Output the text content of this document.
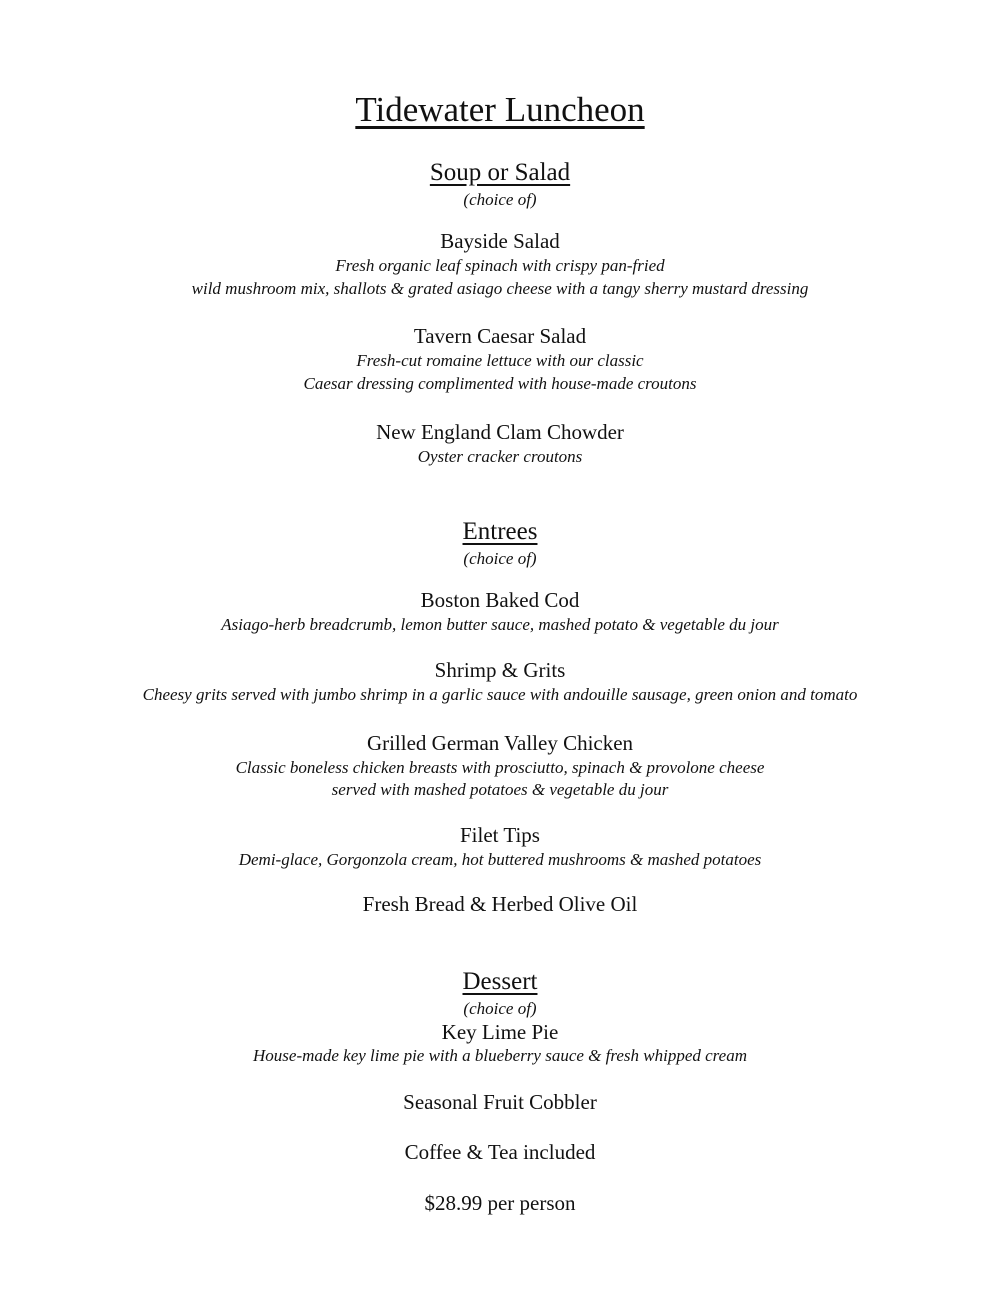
Tidewater Luncheon
Soup or Salad
(choice of)
Bayside Salad
Fresh organic leaf spinach with crispy pan-fried
wild mushroom mix, shallots & grated asiago cheese with a tangy sherry mustard dressing
Tavern Caesar Salad
Fresh-cut romaine lettuce with our classic
Caesar dressing complimented with house-made croutons
New England Clam Chowder
Oyster cracker croutons
Entrees
(choice of)
Boston Baked Cod
Asiago-herb breadcrumb, lemon butter sauce, mashed potato & vegetable du jour
Shrimp & Grits
Cheesy grits served with jumbo shrimp in a garlic sauce with andouille sausage, green onion and tomato
Grilled German Valley Chicken
Classic boneless chicken breasts with prosciutto, spinach & provolone cheese
served with mashed potatoes & vegetable du jour
Filet Tips
Demi-glace, Gorgonzola cream, hot buttered mushrooms & mashed potatoes
Fresh Bread & Herbed Olive Oil
Dessert
(choice of)
Key Lime Pie
House-made key lime pie with a blueberry sauce & fresh whipped cream
Seasonal Fruit Cobbler
Coffee & Tea included
$28.99 per person
